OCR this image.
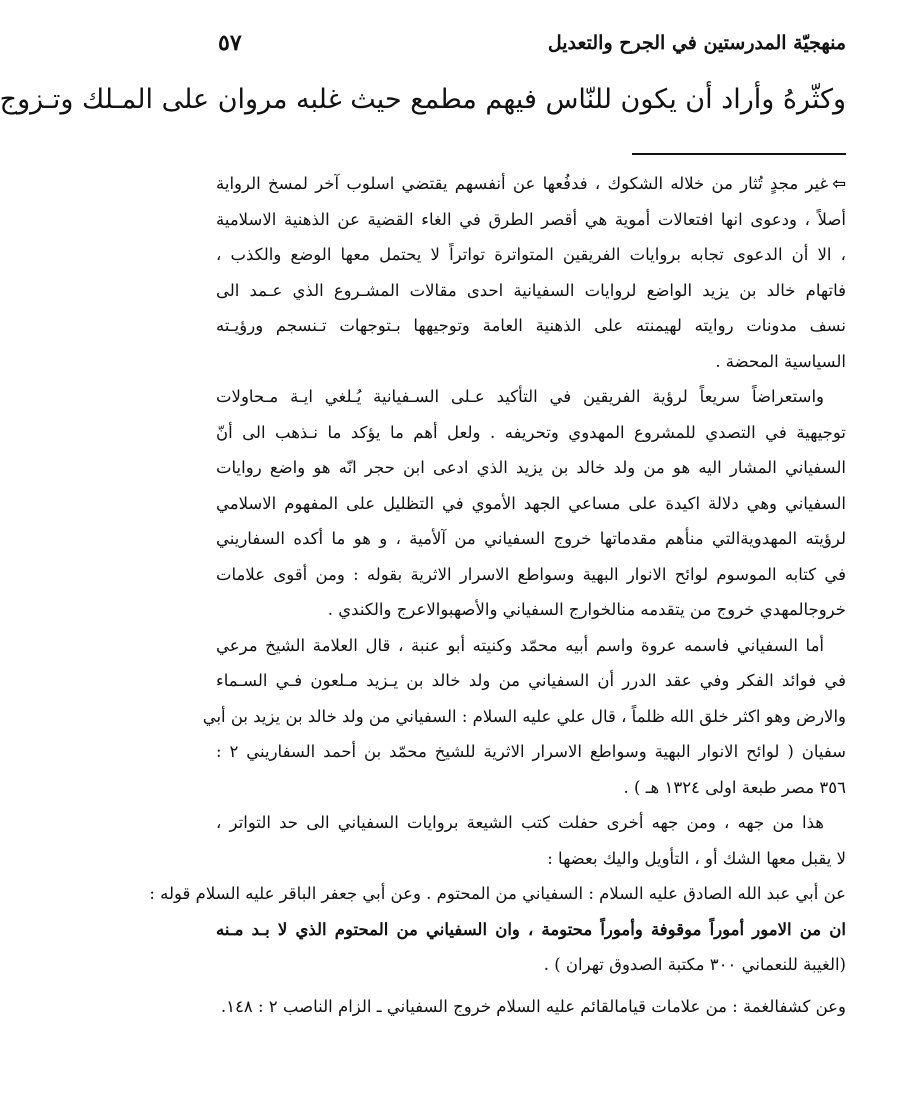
منهجيّة المدرستين في الجرح والتعديل
٥٧
وكثّرهُ وأراد أن يكون للنّاس فيهم مطمع حيث غلبه مروان على المـلك وتـزوج
⇦غير مجدٍ تُثار من خلاله الشكوك ، فدفُعها عن أنفسهم يقتضي اسلوب آخر لمسخ الرواية
أصلاً ، ودعوى انها افتعالات أموية هي أقصر الطرق في الغاء القضية عن الذهنية الاسلامية
، الا أن الدعوى تجابه بروايات الفريقين المتواترة تواتراً لا يحتمل معها الوضع والكذب ،
فاتهام خالد بن يزيد الواضع لروايات السفيانية احدى مقالات المشـروع الذي عـمد الى
نسف مدونات روايته لهيمنته على الذهنية العامة وتوجيهها بـتوجهات تـنسجم ورؤيـته
السياسية المحضة .
واستعراضاً سريعاً لرؤية الفريقين في التأكيد عـلى السـفيانية يُـلغي ايـة مـحاولات
توجيهية في التصدي للمشروع المهدوي وتحريفه . ولعل أهم ما يؤكد ما نـذهب الى أنّ
السفياني المشار اليه هو من ولد خالد بن يزيد الذي ادعى ابن حجر انّه هو واضع روايات
السفياني وهي دلالة اكيدة على مساعي الجهد الأموي في التظليل على المفهوم الاسلامي
لرؤيته المهدويةالتي منأهم مقدماتها خروج السفياني من آلأمية ، و هو ما أكده السفاريني
في كتابه الموسوم لوائح الانوار البهية وسواطع الاسرار الاثرية بقوله : ومن أقوى علامات
خروجالمهدي خروج من يتقدمه منالخوارج السفياني والأصهبوالاعرج والكندي .
أما السفياني فاسمه عروة واسم أبيه محمّد وكنيته أبو عنبة ، قال العلامة الشيخ مرعي
في فوائد الفكر وفي عقد الدرر أن السفياني من ولد خالد بن يـزيد مـلعون فـي السـماء
والارض وهو اكثر خلق الله ظلماً ، قال علي عليه السلام : السفياني من ولد خالد بن يزيد بن أبي
سفيان ( لوائح الانوار البهية وسواطع الاسرار الاثرية للشيخ محمّد بن أحمد السفاريني ٢ :
٣٥٦ مصر طبعة اولى ١٣٢٤ هـ ) .
هذا من جهه ، ومن جهه أخرى حفلت كتب الشيعة بروايات السفياني الى حد التواتر ،
لا يقبل معها الشك أو ، التأويل واليك بعضها :
عن أبي عبد الله الصادق عليه السلام : السفياني من المحتوم . وعن أبي جعفر الباقر عليه السلام قوله :
ان من الامور أموراً موقوفة وأموراً محتومة ، وان السفياني من المحتوم الذي لا بـد مـنه
(الغيبة للنعماني ٣٠٠ مكتبة الصدوق تهران ) .
وعن كشفالغمة : من علامات قيامالقائم عليه السلام خروج السفياني ـ الزام الناصب ٢ : ١٤٨.
